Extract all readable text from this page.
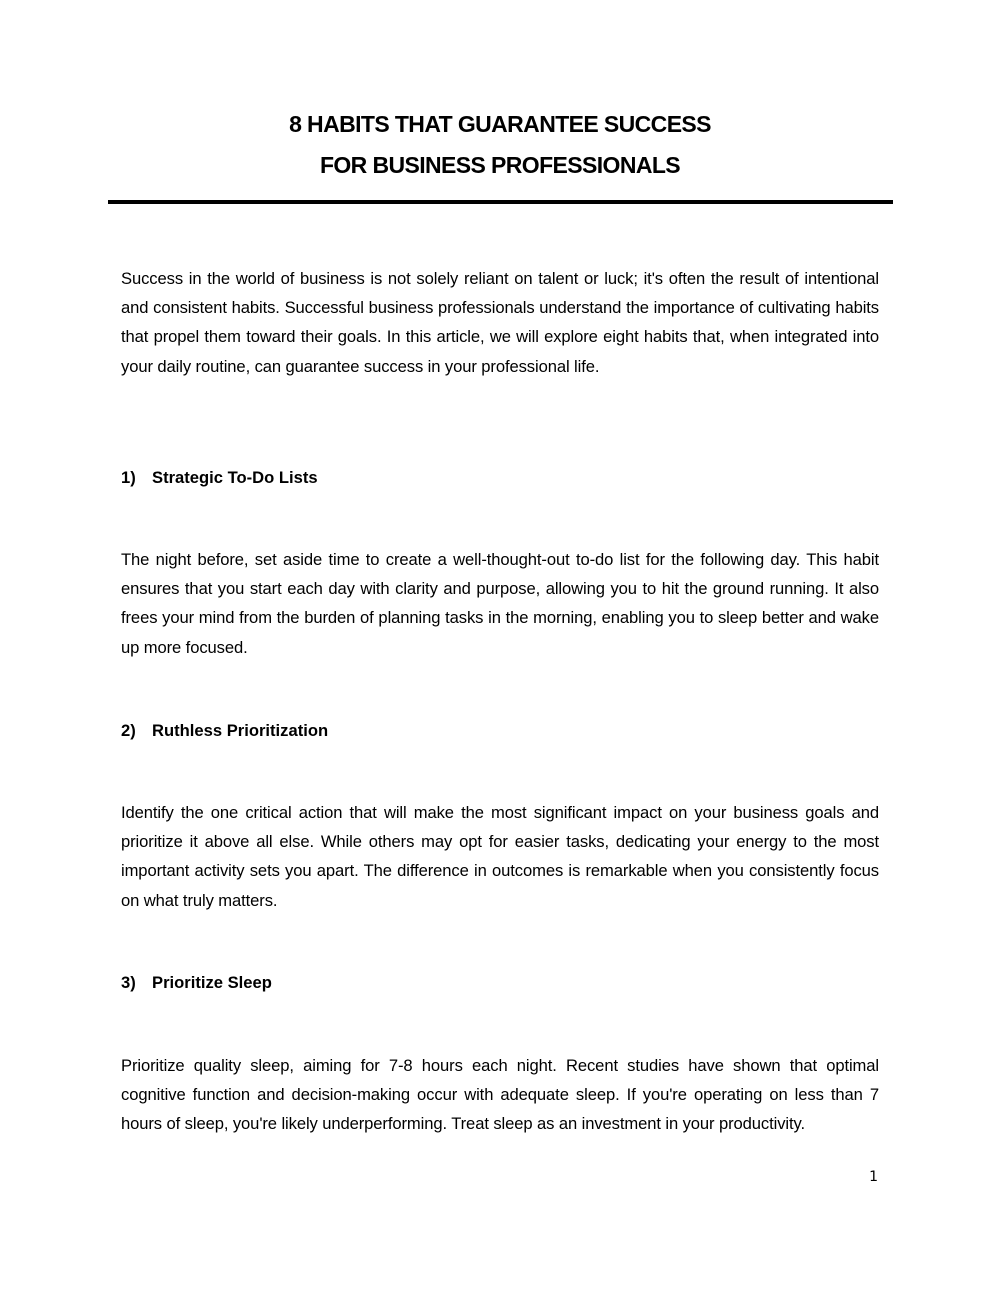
8 HABITS THAT GUARANTEE SUCCESS
FOR BUSINESS PROFESSIONALS

Success in the world of business is not solely reliant on talent or luck; it's often the result of intentional and consistent habits. Successful business professionals understand the importance of cultivating habits that propel them toward their goals. In this article, we will explore eight habits that, when integrated into your daily routine, can guarantee success in your professional life.

1) Strategic To-Do Lists

The night before, set aside time to create a well-thought-out to-do list for the following day. This habit ensures that you start each day with clarity and purpose, allowing you to hit the ground running. It also frees your mind from the burden of planning tasks in the morning, enabling you to sleep better and wake up more focused.

2) Ruthless Prioritization

Identify the one critical action that will make the most significant impact on your business goals and prioritize it above all else. While others may opt for easier tasks, dedicating your energy to the most important activity sets you apart. The difference in outcomes is remarkable when you consistently focus on what truly matters.

3) Prioritize Sleep

Prioritize quality sleep, aiming for 7-8 hours each night. Recent studies have shown that optimal cognitive function and decision-making occur with adequate sleep. If you're operating on less than 7 hours of sleep, you're likely underperforming. Treat sleep as an investment in your productivity.

1
